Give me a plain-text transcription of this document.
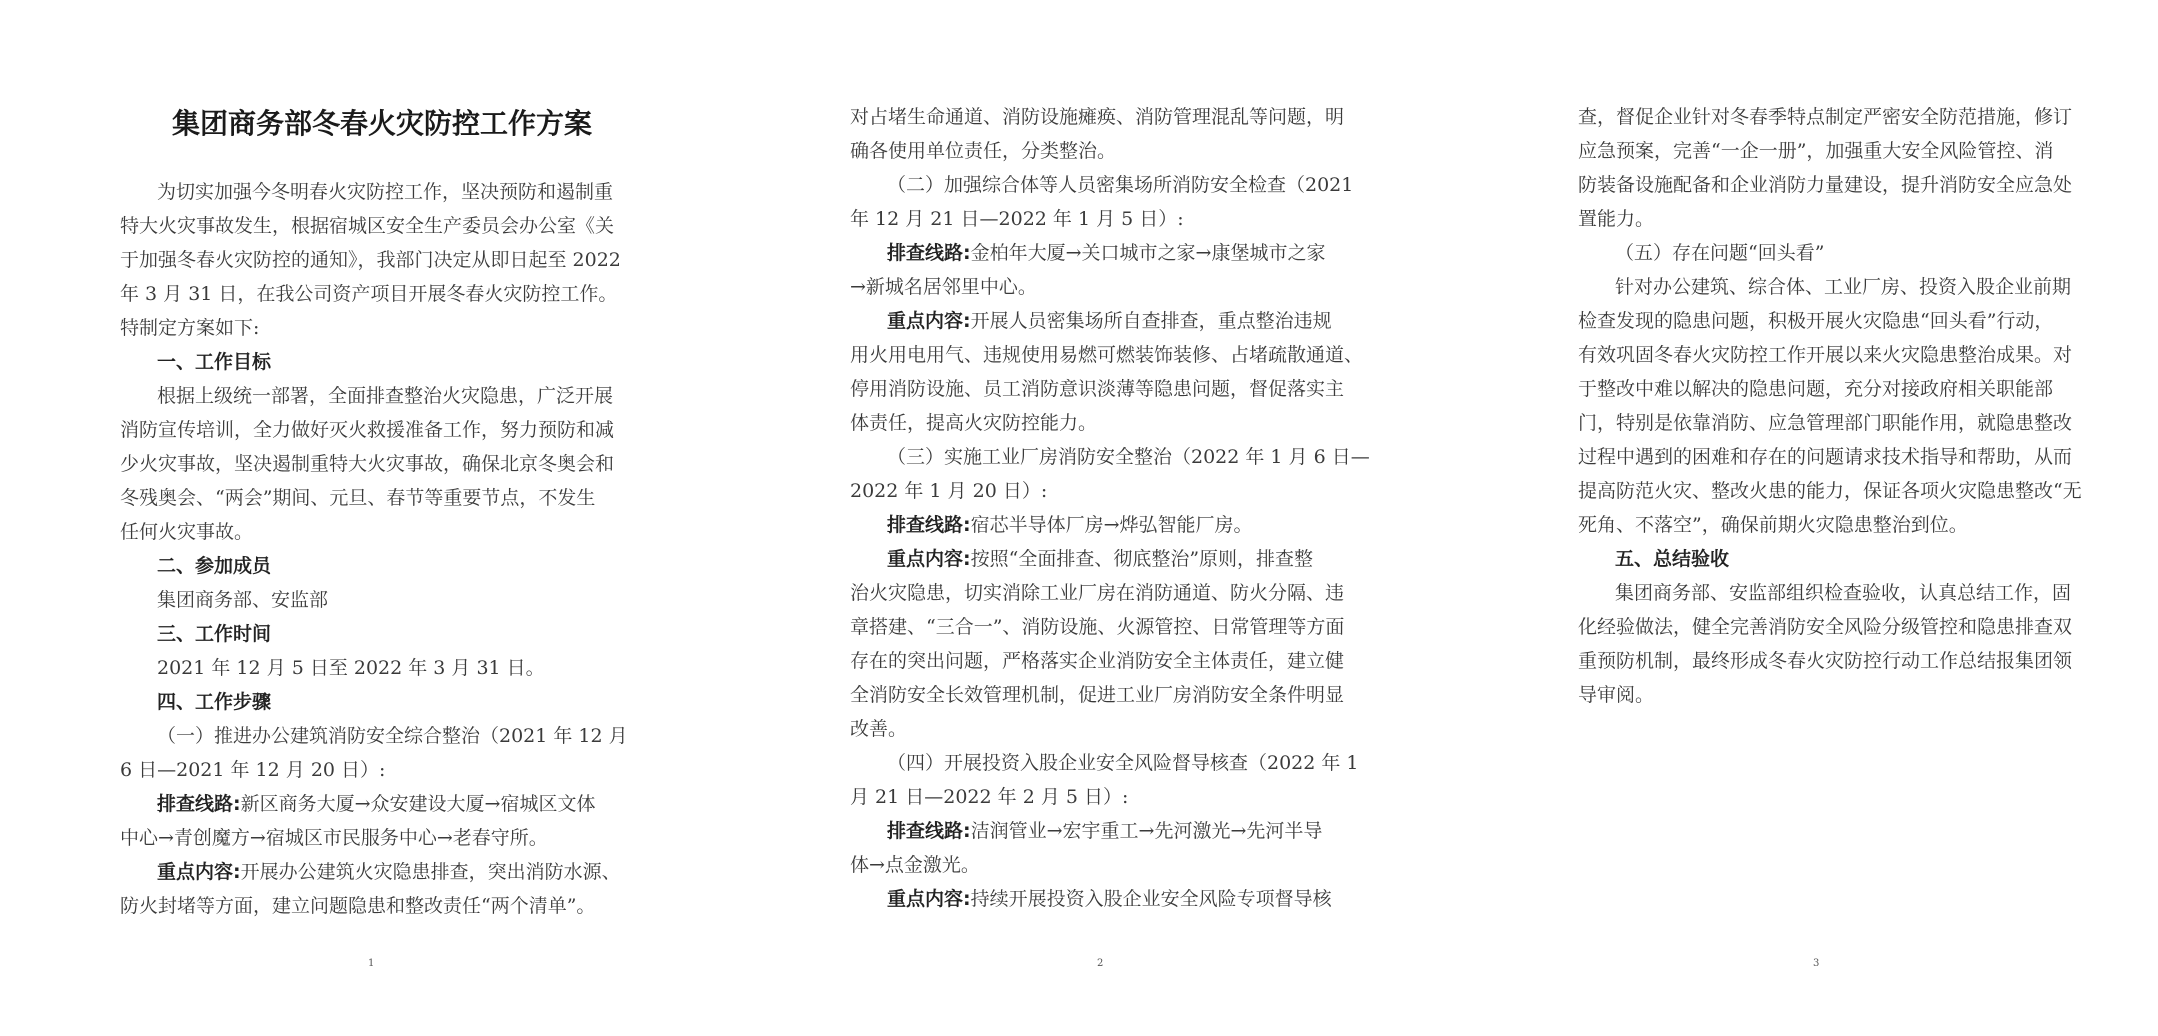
集团商务部冬春火灾防控工作方案
为切实加强今冬明春火灾防控工作，坚决预防和遏制重
特大火灾事故发生，根据宿城区安全生产委员会办公室《关
于加强冬春火灾防控的通知》，我部门决定从即日起至 2022
年 3 月 31 日，在我公司资产项目开展冬春火灾防控工作。
特制定方案如下:
一、工作目标
根据上级统一部署，全面排查整治火灾隐患，广泛开展
消防宣传培训，全力做好灭火救援准备工作，努力预防和减
少火灾事故，坚决遏制重特大火灾事故，确保北京冬奥会和
冬残奥会、“两会”期间、元旦、春节等重要节点，不发生
任何火灾事故。
二、参加成员
集团商务部、安监部
三、工作时间
2021 年 12 月 5 日至 2022 年 3 月 31 日。
四、工作步骤
（一）推进办公建筑消防安全综合整治（2021 年 12 月
6 日—2021 年 12 月 20 日）:
排查线路:新区商务大厦→众安建设大厦→宿城区文体
中心→青创魔方→宿城区市民服务中心→老春守所。
重点内容:开展办公建筑火灾隐患排查，突出消防水源、
防火封堵等方面，建立问题隐患和整改责任“两个清单”。
1
对占堵生命通道、消防设施瘫痪、消防管理混乱等问题，明
确各使用单位责任，分类整治。
（二）加强综合体等人员密集场所消防安全检查（2021
年 12 月 21 日—2022 年 1 月 5 日）:
排查线路:金柏年大厦→关口城市之家→康堡城市之家
→新城名居邻里中心。
重点内容:开展人员密集场所自查排查，重点整治违规
用火用电用气、违规使用易燃可燃装饰装修、占堵疏散通道、
停用消防设施、员工消防意识淡薄等隐患问题，督促落实主
体责任，提高火灾防控能力。
（三）实施工业厂房消防安全整治（2022 年 1 月 6 日—
2022 年 1 月 20 日）:
排查线路:宿芯半导体厂房→烨弘智能厂房。
重点内容:按照“全面排查、彻底整治”原则，排查整
治火灾隐患，切实消除工业厂房在消防通道、防火分隔、违
章搭建、“三合一”、消防设施、火源管控、日常管理等方面
存在的突出问题，严格落实企业消防安全主体责任，建立健
全消防安全长效管理机制，促进工业厂房消防安全条件明显
改善。
（四）开展投资入股企业安全风险督导核查（2022 年 1
月 21 日—2022 年 2 月 5 日）:
排查线路:洁润管业→宏宇重工→先河激光→先河半导
体→点金激光。
重点内容:持续开展投资入股企业安全风险专项督导核
2
查，督促企业针对冬春季特点制定严密安全防范措施，修订
应急预案，完善“一企一册”，加强重大安全风险管控、消
防装备设施配备和企业消防力量建设，提升消防安全应急处
置能力。
（五）存在问题“回头看”
针对办公建筑、综合体、工业厂房、投资入股企业前期
检查发现的隐患问题，积极开展火灾隐患“回头看”行动，
有效巩固冬春火灾防控工作开展以来火灾隐患整治成果。对
于整改中难以解决的隐患问题，充分对接政府相关职能部
门，特别是依靠消防、应急管理部门职能作用，就隐患整改
过程中遇到的困难和存在的问题请求技术指导和帮助，从而
提高防范火灾、整改火患的能力，保证各项火灾隐患整改“无
死角、不落空”，确保前期火灾隐患整治到位。
五、总结验收
集团商务部、安监部组织检查验收，认真总结工作，固
化经验做法，健全完善消防安全风险分级管控和隐患排查双
重预防机制，最终形成冬春火灾防控行动工作总结报集团领
导审阅。
3
